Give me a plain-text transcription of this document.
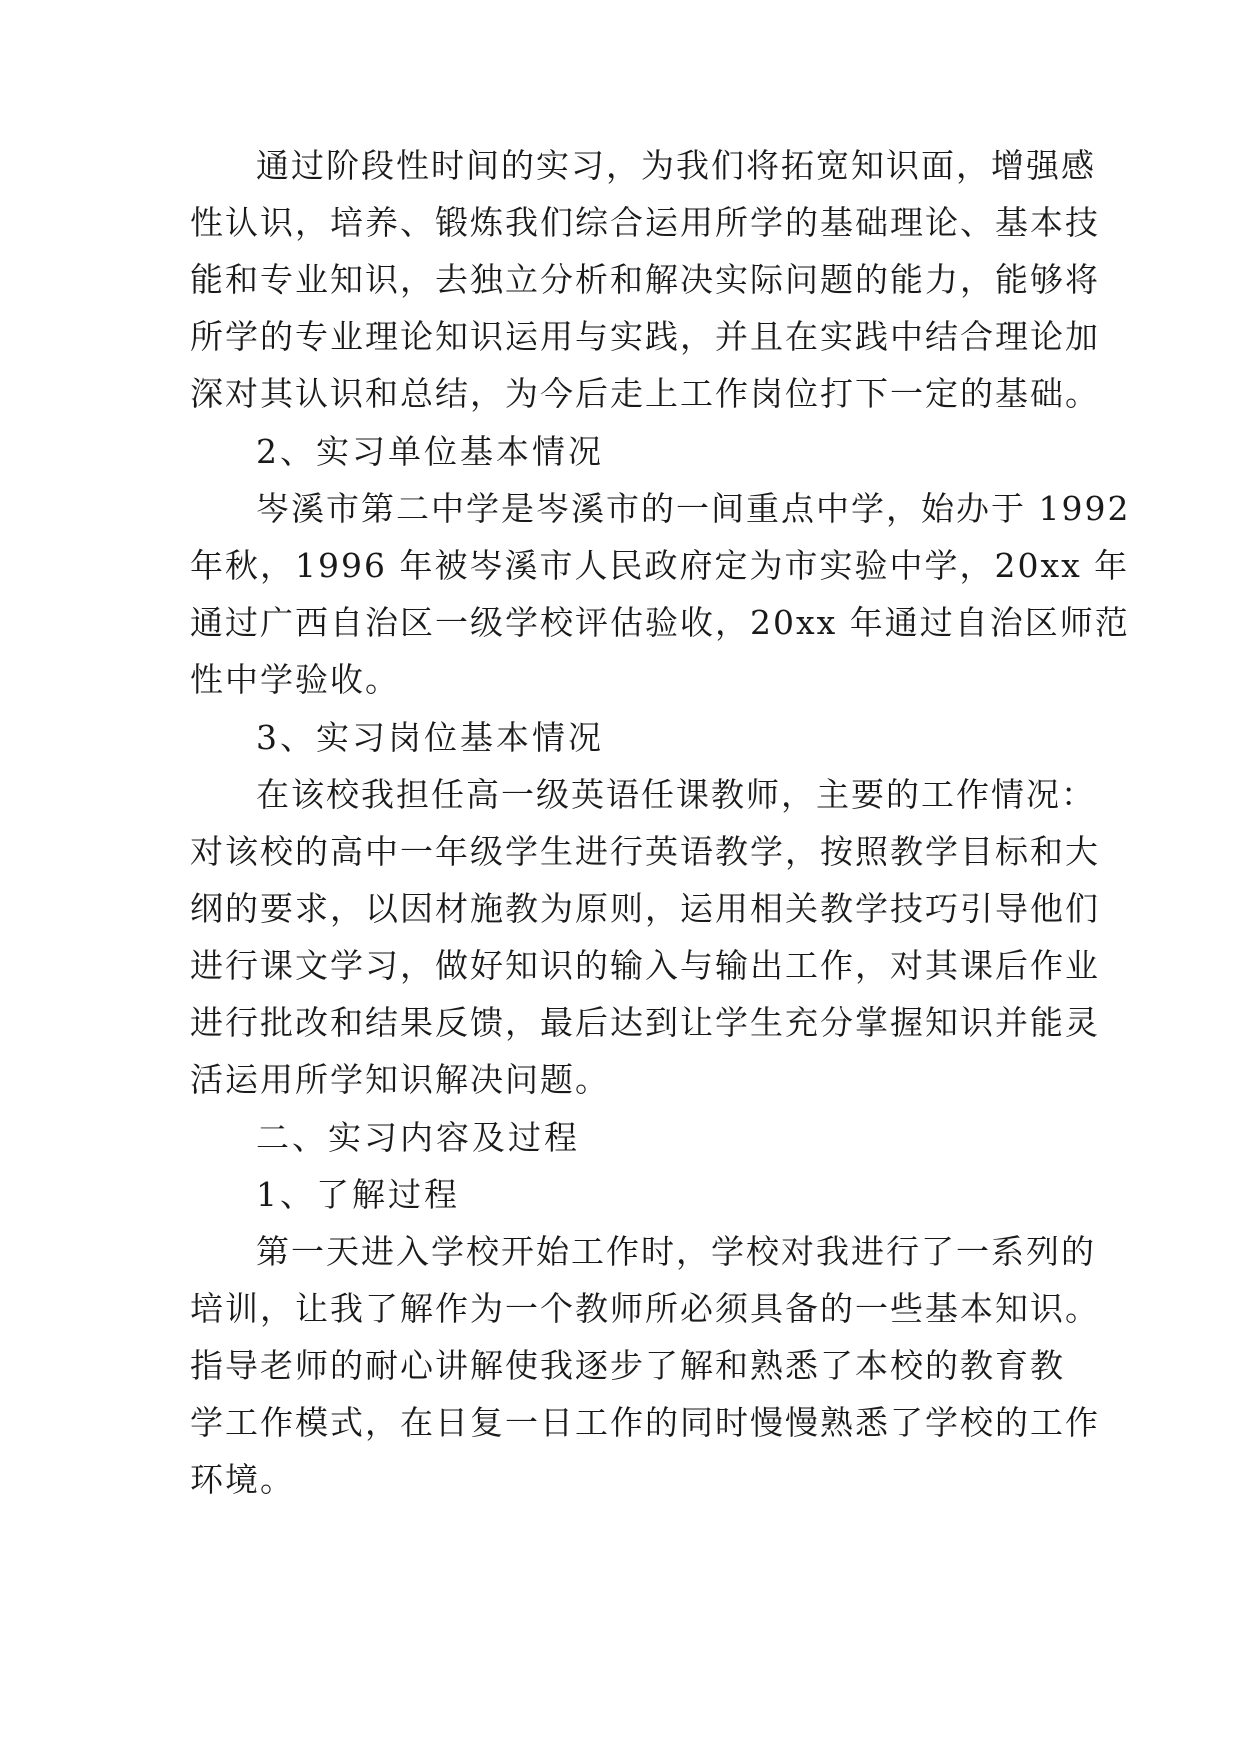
通过阶段性时间的实习，为我们将拓宽知识面，增强感
性认识，培养、锻炼我们综合运用所学的基础理论、基本技
能和专业知识，去独立分析和解决实际问题的能力，能够将
所学的专业理论知识运用与实践，并且在实践中结合理论加
深对其认识和总结，为今后走上工作岗位打下一定的基础。
2、实习单位基本情况
岑溪市第二中学是岑溪市的一间重点中学，始办于 1992
年秋，1996 年被岑溪市人民政府定为市实验中学，20xx 年
通过广西自治区一级学校评估验收，20xx 年通过自治区师范
性中学验收。
3、实习岗位基本情况
在该校我担任高一级英语任课教师，主要的工作情况：
对该校的高中一年级学生进行英语教学，按照教学目标和大
纲的要求，以因材施教为原则，运用相关教学技巧引导他们
进行课文学习，做好知识的输入与输出工作，对其课后作业
进行批改和结果反馈，最后达到让学生充分掌握知识并能灵
活运用所学知识解决问题。
二、实习内容及过程
1、了解过程
第一天进入学校开始工作时，学校对我进行了一系列的
培训，让我了解作为一个教师所必须具备的一些基本知识。
指导老师的耐心讲解使我逐步了解和熟悉了本校的教育教
学工作模式，在日复一日工作的同时慢慢熟悉了学校的工作
环境。
